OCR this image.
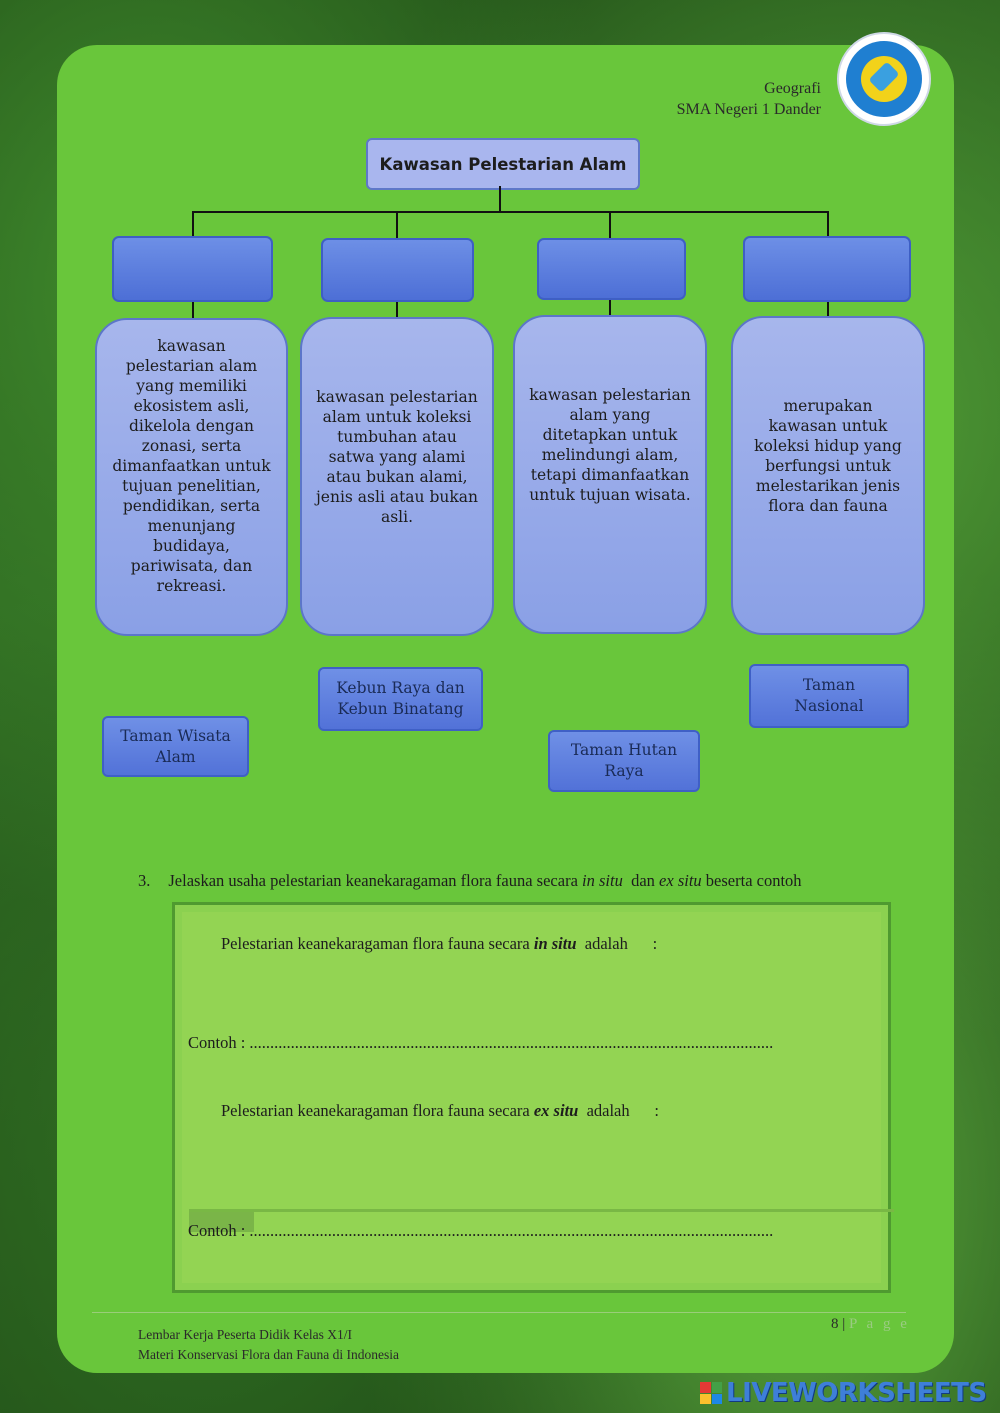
Geografi
SMA Negeri 1 Dander
Kawasan Pelestarian Alam
kawasan pelestarian alam yang memiliki ekosistem asli, dikelola dengan zonasi, serta dimanfaatkan untuk tujuan penelitian, pendidikan, serta menunjang budidaya, pariwisata, dan rekreasi.
kawasan pelestarian alam untuk koleksi tumbuhan atau satwa yang alami atau bukan alami, jenis asli atau bukan asli.
kawasan pelestarian alam yang ditetapkan untuk melindungi alam, tetapi dimanfaatkan untuk tujuan wisata.
merupakan kawasan untuk koleksi hidup yang berfungsi untuk melestarikan jenis flora dan fauna
Kebun Raya dan Kebun Binatang
Taman Nasional
Taman Wisata Alam	Taman Hutan Raya
3. Jelaskan usaha pelestarian keanekaragaman flora fauna secara in situ  dan ex situ beserta contoh

Pelestarian keanekaragaman flora fauna secara in situ  adalah      :

Contoh : ...............................................................................................................................

Pelestarian keanekaragaman flora fauna secara ex situ  adalah      :

Contoh : ...............................................................................................................................
Lembar Kerja Peserta Didik Kelas X1/I
Materi Konservasi Flora dan Fauna di Indonesia
8 | P a g e
LIVEWORKSHEETS
